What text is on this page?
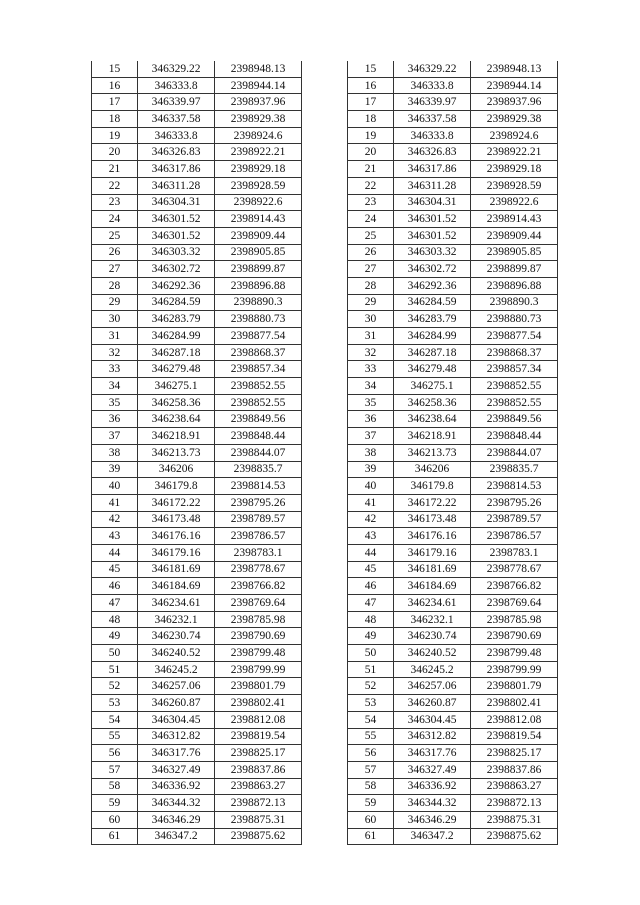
15	346329.22	2398948.13
16	346333.8	2398944.14
17	346339.97	2398937.96
18	346337.58	2398929.38
19	346333.8	2398924.6
20	346326.83	2398922.21
21	346317.86	2398929.18
22	346311.28	2398928.59
23	346304.31	2398922.6
24	346301.52	2398914.43
25	346301.52	2398909.44
26	346303.32	2398905.85
27	346302.72	2398899.87
28	346292.36	2398896.88
29	346284.59	2398890.3
30	346283.79	2398880.73
31	346284.99	2398877.54
32	346287.18	2398868.37
33	346279.48	2398857.34
34	346275.1	2398852.55
35	346258.36	2398852.55
36	346238.64	2398849.56
37	346218.91	2398848.44
38	346213.73	2398844.07
39	346206	2398835.7
40	346179.8	2398814.53
41	346172.22	2398795.26
42	346173.48	2398789.57
43	346176.16	2398786.57
44	346179.16	2398783.1
45	346181.69	2398778.67
46	346184.69	2398766.82
47	346234.61	2398769.64
48	346232.1	2398785.98
49	346230.74	2398790.69
50	346240.52	2398799.48
51	346245.2	2398799.99
52	346257.06	2398801.79
53	346260.87	2398802.41
54	346304.45	2398812.08
55	346312.82	2398819.54
56	346317.76	2398825.17
57	346327.49	2398837.86
58	346336.92	2398863.27
59	346344.32	2398872.13
60	346346.29	2398875.31
61	346347.2	2398875.62
15	346329.22	2398948.13
16	346333.8	2398944.14
17	346339.97	2398937.96
18	346337.58	2398929.38
19	346333.8	2398924.6
20	346326.83	2398922.21
21	346317.86	2398929.18
22	346311.28	2398928.59
23	346304.31	2398922.6
24	346301.52	2398914.43
25	346301.52	2398909.44
26	346303.32	2398905.85
27	346302.72	2398899.87
28	346292.36	2398896.88
29	346284.59	2398890.3
30	346283.79	2398880.73
31	346284.99	2398877.54
32	346287.18	2398868.37
33	346279.48	2398857.34
34	346275.1	2398852.55
35	346258.36	2398852.55
36	346238.64	2398849.56
37	346218.91	2398848.44
38	346213.73	2398844.07
39	346206	2398835.7
40	346179.8	2398814.53
41	346172.22	2398795.26
42	346173.48	2398789.57
43	346176.16	2398786.57
44	346179.16	2398783.1
45	346181.69	2398778.67
46	346184.69	2398766.82
47	346234.61	2398769.64
48	346232.1	2398785.98
49	346230.74	2398790.69
50	346240.52	2398799.48
51	346245.2	2398799.99
52	346257.06	2398801.79
53	346260.87	2398802.41
54	346304.45	2398812.08
55	346312.82	2398819.54
56	346317.76	2398825.17
57	346327.49	2398837.86
58	346336.92	2398863.27
59	346344.32	2398872.13
60	346346.29	2398875.31
61	346347.2	2398875.62
